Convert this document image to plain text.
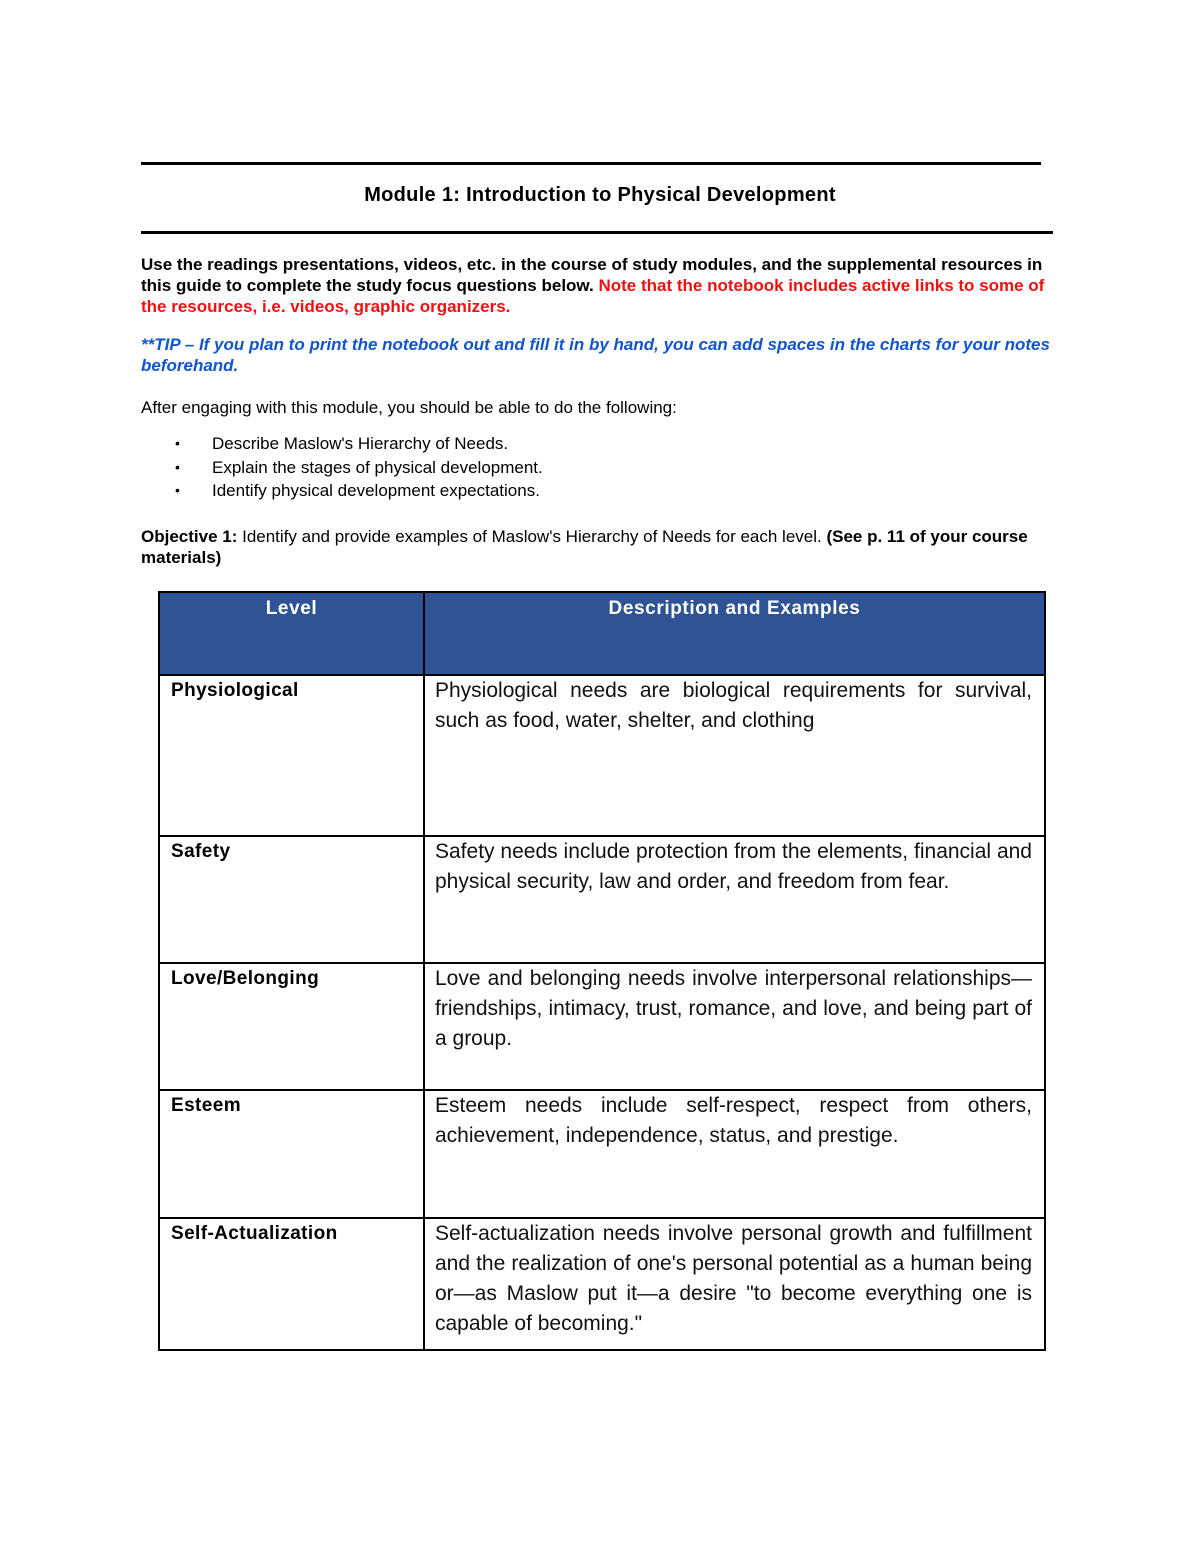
Module 1: Introduction to Physical Development
Use the readings presentations, videos, etc. in the course of study modules, and the supplemental resources in this guide to complete the study focus questions below. Note that the notebook includes active links to some of the resources, i.e. videos, graphic organizers.
**TIP – If you plan to print the notebook out and fill it in by hand, you can add spaces in the charts for your notes beforehand.
After engaging with this module, you should be able to do the following:
• Describe Maslow's Hierarchy of Needs.
• Explain the stages of physical development.
• Identify physical development expectations.
Objective 1: Identify and provide examples of Maslow's Hierarchy of Needs for each level. (See p. 11 of your course materials)
Level	Description and Examples
Physiological	Physiological needs are biological requirements for survival, such as food, water, shelter, and clothing
Safety	Safety needs include protection from the elements, financial and physical security, law and order, and freedom from fear.
Love/Belonging	Love and belonging needs involve interpersonal relationships—friendships, intimacy, trust, romance, and love, and being part of a group.
Esteem	Esteem needs include self-respect, respect from others, achievement, independence, status, and prestige.
Self-Actualization	Self-actualization needs involve personal growth and fulfillment and the realization of one's personal potential as a human being or—as Maslow put it—a desire "to become everything one is capable of becoming."
